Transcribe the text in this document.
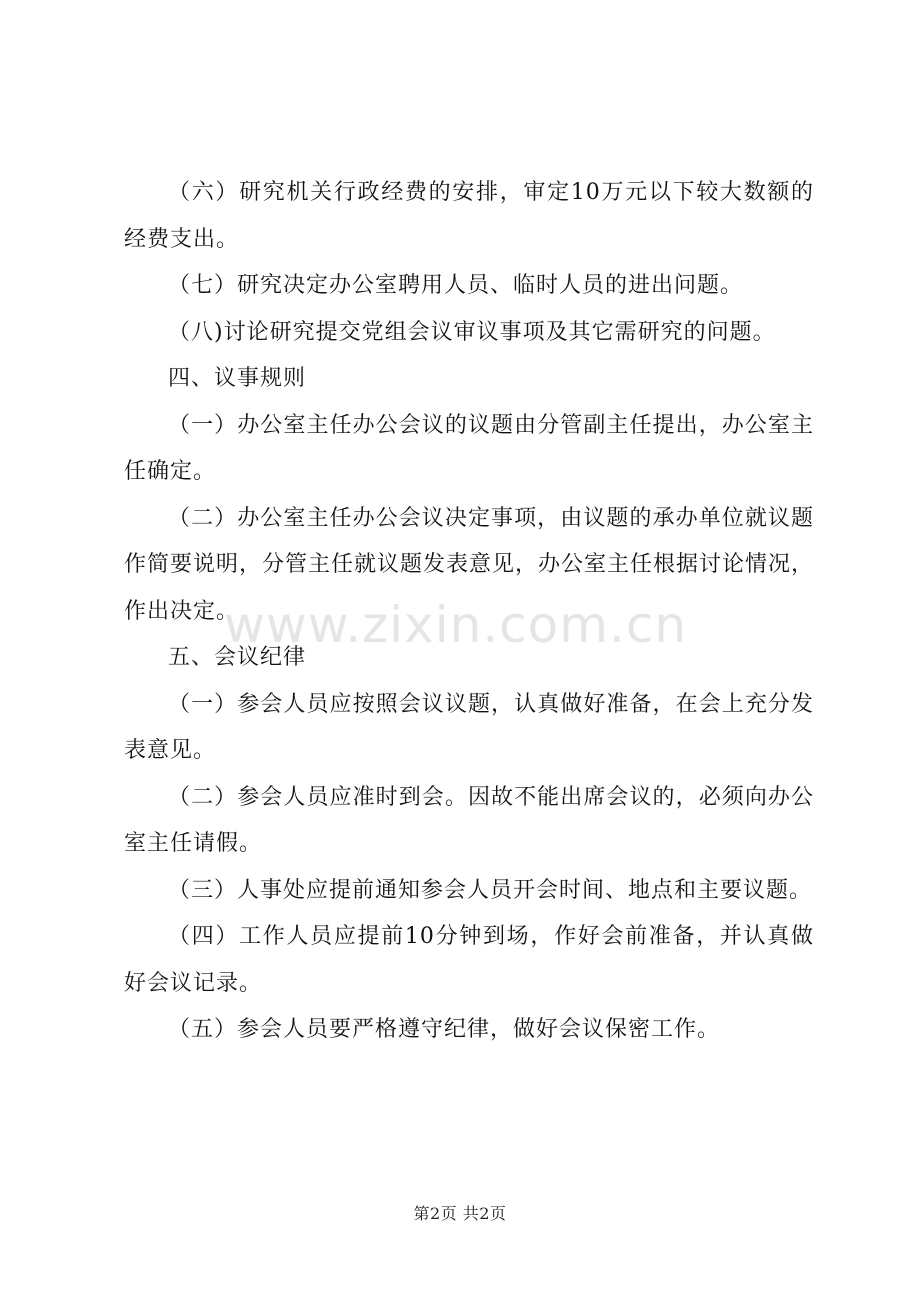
（六）研究机关行政经费的安排，审定10万元以下较大数额的经费支出。

（七）研究决定办公室聘用人员、临时人员的进出问题。

（八)讨论研究提交党组会议审议事项及其它需研究的问题。

四、议事规则

（一）办公室主任办公会议的议题由分管副主任提出，办公室主任确定。

（二）办公室主任办公会议决定事项，由议题的承办单位就议题作简要说明，分管主任就议题发表意见，办公室主任根据讨论情况，作出决定。

五、会议纪律

（一）参会人员应按照会议议题，认真做好准备，在会上充分发表意见。

（二）参会人员应准时到会。因故不能出席会议的，必须向办公室主任请假。

（三）人事处应提前通知参会人员开会时间、地点和主要议题。

（四）工作人员应提前10分钟到场，作好会前准备，并认真做好会议记录。

（五）参会人员要严格遵守纪律，做好会议保密工作。

www.zixin.com.cn
第2页 共2页
